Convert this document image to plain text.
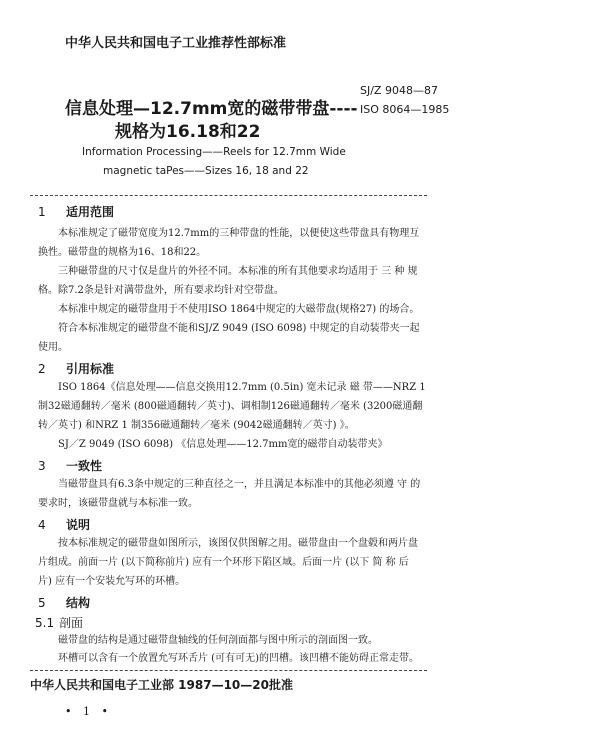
中华人民共和国电子工业推荐性部标准
信息处理—12.7mm宽的磁带带盘----
规格为16.18和22
SJ/Z 9048—87
ISO 8064—1985
Information Processing——Reels for 12.7mm Wide
magnetic taPes——Sizes 16, 18 and 22
1 适用范围
本标准规定了磁带宽度为12.7mm的三种带盘的性能，以便使这些带盘具有物理互
换性。磁带盘的规格为16、18和22。
三种磁带盘的尺寸仅是盘片的外径不同。本标准的所有其他要求均适用于 三 种 规
格。除7.2条是针对满带盘外，所有要求均针对空带盘。
本标准中规定的磁带盘用于不使用ISO 1864中规定的大磁带盘(规格27) 的场合。
符合本标准规定的磁带盘不能和SJ/Z 9049 (ISO 6098) 中规定的自动装带夹一起
使用。
2 引用标准
ISO 1864《信息处理——信息交换用12.7mm (0.5in) 宽未记录 磁 带——NRZ 1
制32磁通翻转／毫米 (800磁通翻转／英寸)、调相制126磁通翻转／毫米 (3200磁通翻
转／英寸) 和NRZ 1 制356磁通翻转／毫米 (9042磁通翻转／英寸) 》。
SJ／Z 9049 (ISO 6098) 《信息处理——12.7mm宽的磁带自动装带夹》
3 一致性
当磁带盘具有6.3条中规定的三种直径之一，并且满足本标准中的其他必须遵 守 的
要求时，该磁带盘就与本标准一致。
4 说明
按本标准规定的磁带盘如图所示，该图仅供图解之用。磁带盘由一个盘毂和两片盘
片组成。前面一片 (以下简称前片) 应有一个环形下陷区域。后面一片 (以下 简 称 后
片) 应有一个安装允写环的环槽。
5 结构
5.1 剖面
磁带盘的结构是通过磁带盘轴线的任何剖面都与图中所示的剖面图一致。
环槽可以含有一个放置允写环舌片 (可有可无)的凹槽。该凹槽不能妨碍正常走带。
中华人民共和国电子工业部 1987—10—20批准
• 1 •
